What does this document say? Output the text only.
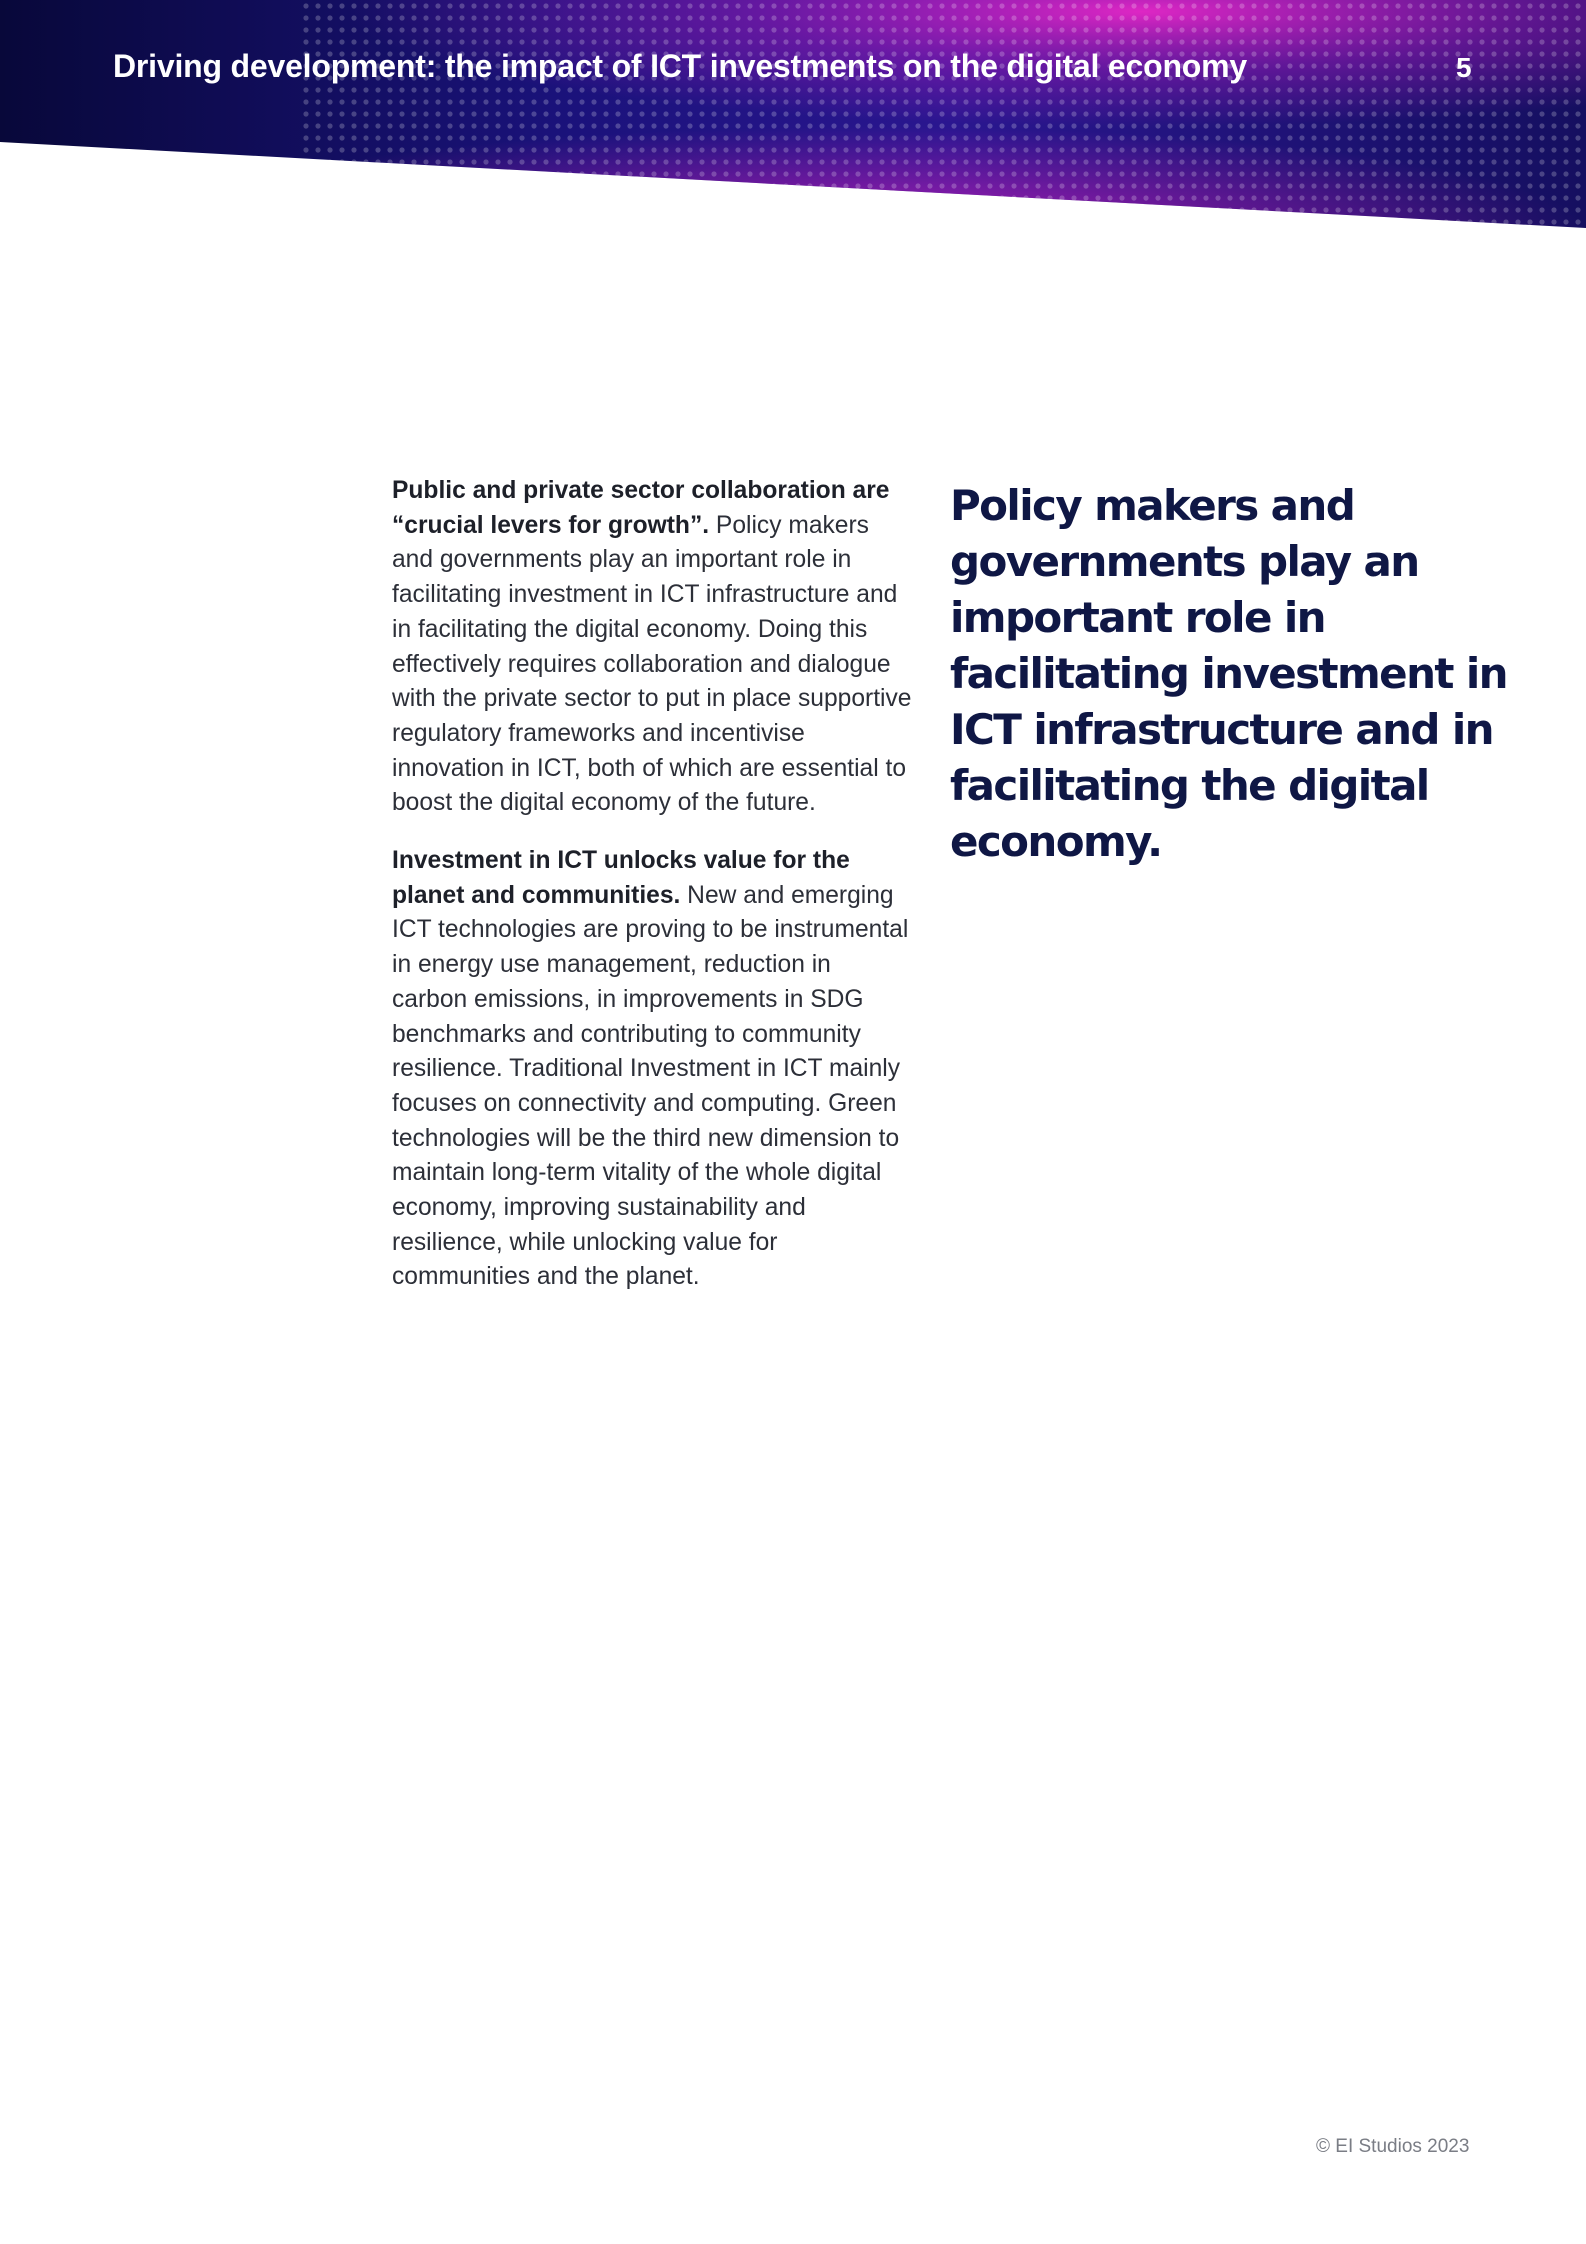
Driving development: the impact of ICT investments on the digital economy	5

Public and private sector collaboration are “crucial levers for growth”. Policy makers and governments play an important role in facilitating investment in ICT infrastructure and in facilitating the digital economy. Doing this effectively requires collaboration and dialogue with the private sector to put in place supportive regulatory frameworks and incentivise innovation in ICT, both of which are essential to boost the digital economy of the future.

Investment in ICT unlocks value for the planet and communities. New and emerging ICT technologies are proving to be instrumental in energy use management, reduction in carbon emissions, in improvements in SDG benchmarks and contributing to community resilience. Traditional Investment in ICT mainly focuses on connectivity and computing. Green technologies will be the third new dimension to maintain long-term vitality of the whole digital economy, improving sustainability and resilience, while unlocking value for communities and the planet.

Policy makers and governments play an important role in facilitating investment in ICT infrastructure and in facilitating the digital economy.

© EI Studios 2023
